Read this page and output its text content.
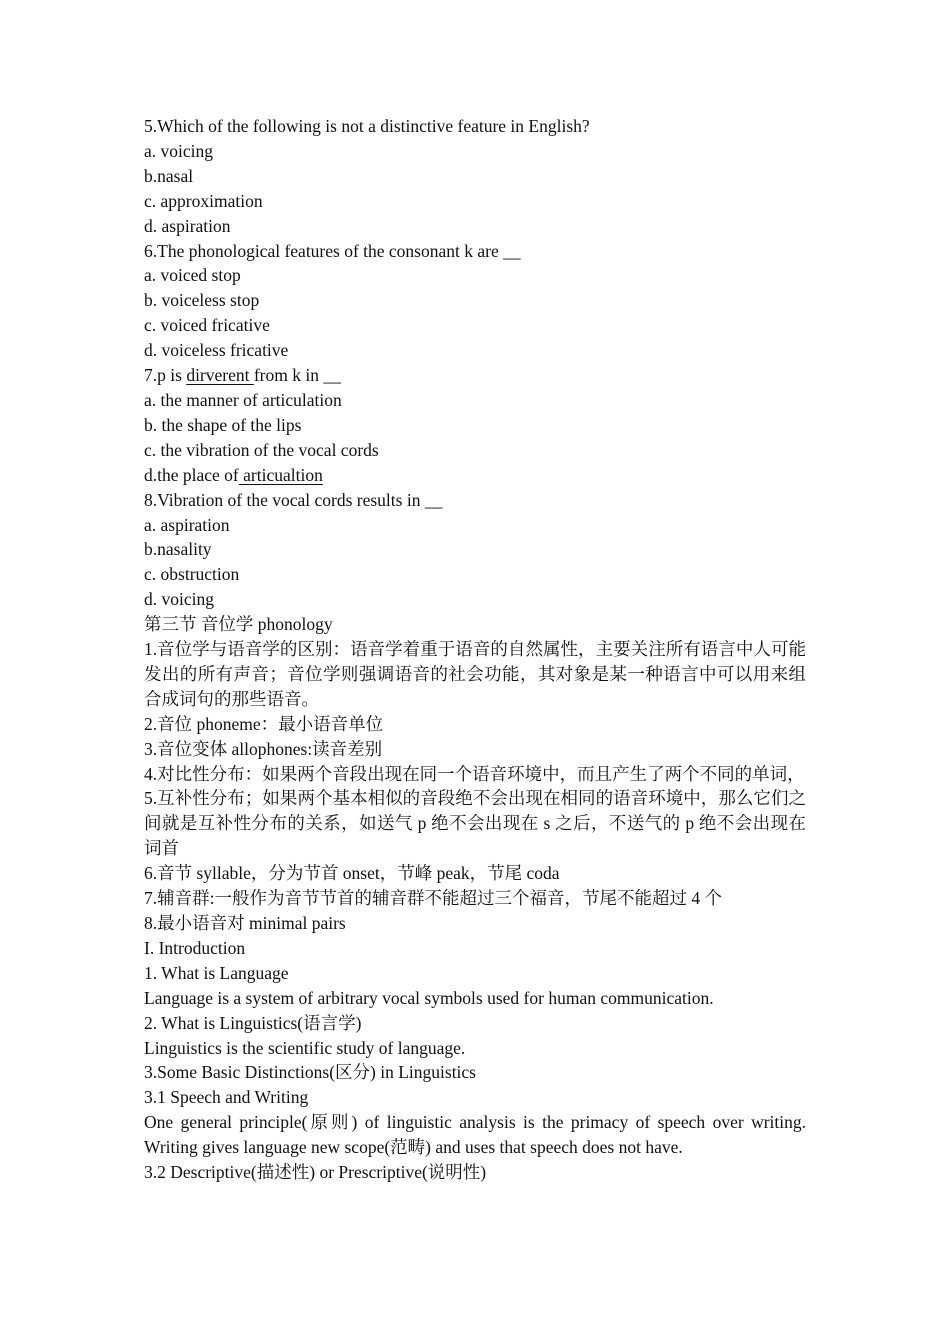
5.Which of the following is not a distinctive feature in English?
a. voicing
b.nasal
c. approximation
d. aspiration
6.The phonological features of the consonant k are __
a. voiced stop
b. voiceless stop
c. voiced fricative
d. voiceless fricative
7.p is dirverent from k in __
a. the manner of articulation
b. the shape of the lips
c. the vibration of the vocal cords
d.the place of articualtion
8.Vibration of the vocal cords results in __
a. aspiration
b.nasality
c. obstruction
d. voicing
第三节 音位学 phonology
1.音位学与语音学的区别：语音学着重于语音的自然属性，主要关注所有语言中人可能发出的所有声音；音位学则强调语音的社会功能，其对象是某一种语言中可以用来组合成词句的那些语音。
2.音位 phoneme：最小语音单位
3.音位变体 allophones:读音差别
4.对比性分布：如果两个音段出现在同一个语音环境中，而且产生了两个不同的单词，
5.互补性分布；如果两个基本相似的音段绝不会出现在相同的语音环境中，那么它们之间就是互补性分布的关系，如送气 p 绝不会出现在 s 之后，不送气的 p 绝不会出现在词首
6.音节 syllable，分为节首 onset，节峰 peak，节尾 coda
7.辅音群:一般作为音节节首的辅音群不能超过三个福音，节尾不能超过 4 个
8.最小语音对 minimal pairs
I. Introduction
1. What is Language
Language is a system of arbitrary vocal symbols used for human communication.
2. What is Linguistics(语言学)
Linguistics is the scientific study of language.
3.Some Basic Distinctions(区分) in Linguistics
3.1 Speech and Writing
One general principle(原则) of linguistic analysis is the primacy of speech over writing. Writing gives language new scope(范畴) and uses that speech does not have.
3.2 Descriptive(描述性) or Prescriptive(说明性)
